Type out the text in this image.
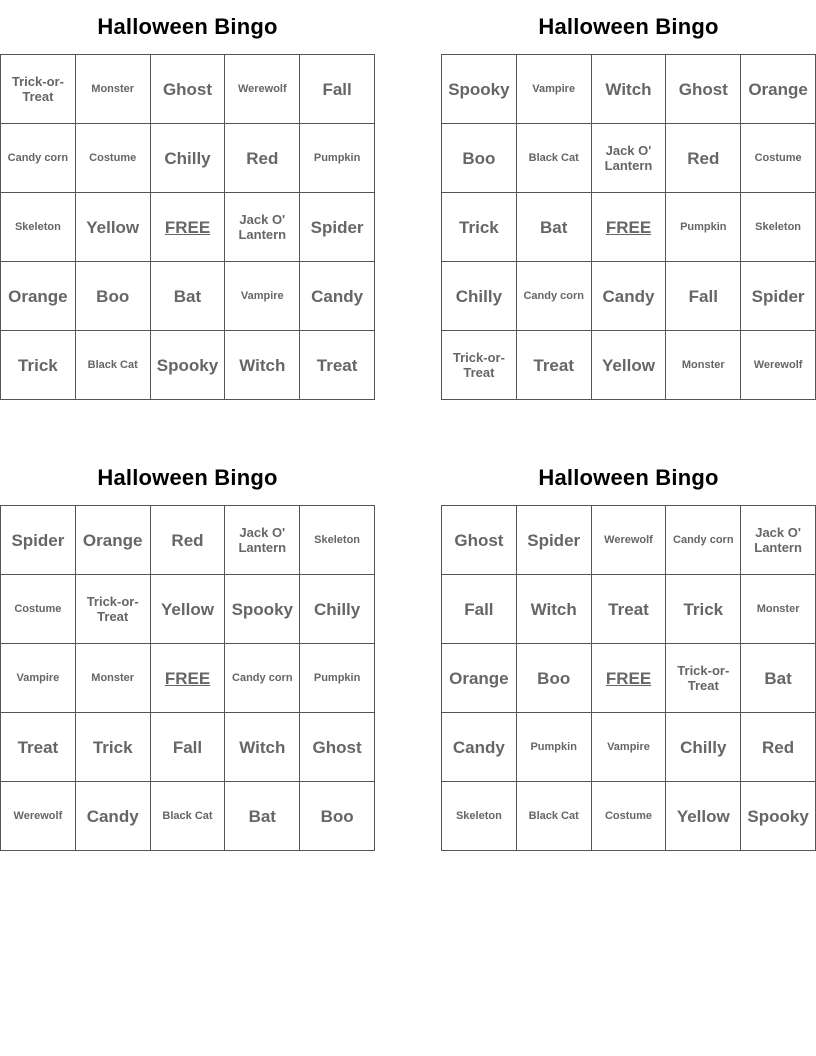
Halloween Bingo
Trick-or-Treat	Monster	Ghost	Werewolf	Fall
Candy corn	Costume	Chilly	Red	Pumpkin
Skeleton	Yellow	FREE	Jack O' Lantern	Spider
Orange	Boo	Bat	Vampire	Candy
Trick	Black Cat	Spooky	Witch	Treat
Halloween Bingo
Spooky	Vampire	Witch	Ghost	Orange
Boo	Black Cat	Jack O' Lantern	Red	Costume
Trick	Bat	FREE	Pumpkin	Skeleton
Chilly	Candy corn	Candy	Fall	Spider
Trick-or-Treat	Treat	Yellow	Monster	Werewolf
Halloween Bingo
Spider	Orange	Red	Jack O' Lantern	Skeleton
Costume	Trick-or-Treat	Yellow	Spooky	Chilly
Vampire	Monster	FREE	Candy corn	Pumpkin
Treat	Trick	Fall	Witch	Ghost
Werewolf	Candy	Black Cat	Bat	Boo
Halloween Bingo
Ghost	Spider	Werewolf	Candy corn	Jack O' Lantern
Fall	Witch	Treat	Trick	Monster
Orange	Boo	FREE	Trick-or-Treat	Bat
Candy	Pumpkin	Vampire	Chilly	Red
Skeleton	Black Cat	Costume	Yellow	Spooky
